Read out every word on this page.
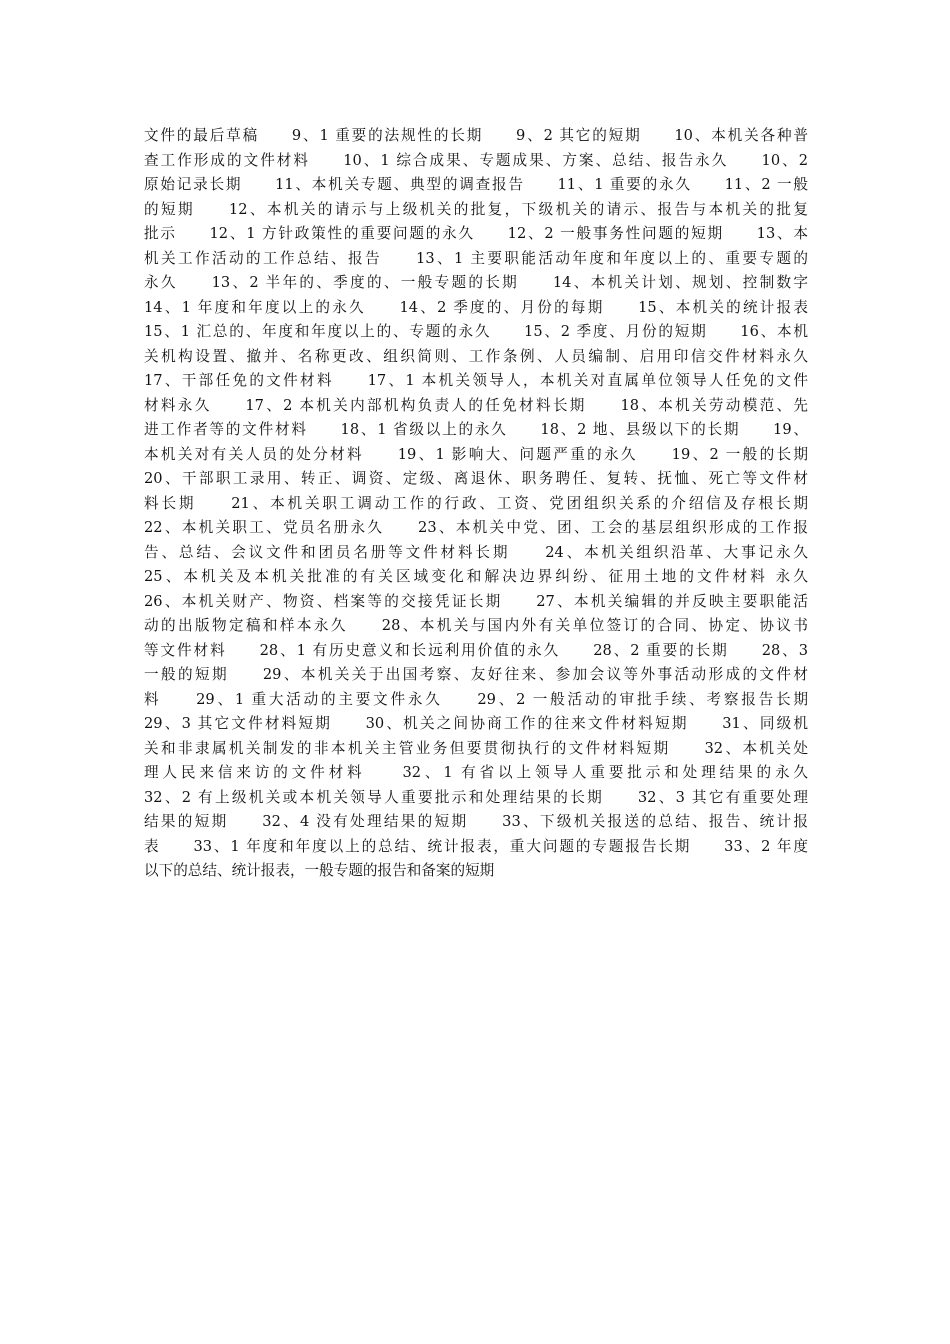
文件的最后草稿　　9、1 重要的法规性的长期　　9、2 其它的短期　　10、本机关各种普
查工作形成的文件材料　　10、1 综合成果、专题成果、方案、总结、报告永久　　10、2
原始记录长期　　11、本机关专题、典型的调查报告　　11、1 重要的永久　　11、2 一般
的短期　　12、本机关的请示与上级机关的批复，下级机关的请示、报告与本机关的批复
批示　　12、1 方针政策性的重要问题的永久　　12、2 一般事务性问题的短期　　13、本
机关工作活动的工作总结、报告　　13、1 主要职能活动年度和年度以上的、重要专题的
永久　　13、2 半年的、季度的、一般专题的长期　　14、本机关计划、规划、控制数字
14、1 年度和年度以上的永久　　14、2 季度的、月份的每期　　15、本机关的统计报表
15、1 汇总的、年度和年度以上的、专题的永久　　15、2 季度、月份的短期　　16、本机
关机构设置、撤并、名称更改、组织简则、工作条例、人员编制、启用印信交件材料永久
17、干部任免的文件材料　　17、1 本机关领导人，本机关对直属单位领导人任免的文件
材料永久　　17、2 本机关内部机构负责人的任免材料长期　　18、本机关劳动模范、先
进工作者等的文件材料　　18、1 省级以上的永久　　18、2 地、县级以下的长期　　19、
本机关对有关人员的处分材料　　19、1 影响大、问题严重的永久　　19、2 一般的长期
20、干部职工录用、转正、调资、定级、离退休、职务聘任、复转、抚恤、死亡等文件材
料长期　　21、本机关职工调动工作的行政、工资、党团组织关系的介绍信及存根长期
22、本机关职工、党员名册永久　　23、本机关中党、团、工会的基层组织形成的工作报
告、总结、会议文件和团员名册等文件材料长期　　24、本机关组织沿革、大事记永久
25、本机关及本机关批准的有关区域变化和解决边界纠纷、征用土地的文件材料 永久
26、本机关财产、物资、档案等的交接凭证长期　　27、本机关编辑的并反映主要职能活
动的出版物定稿和样本永久　　28、本机关与国内外有关单位签订的合同、协定、协议书
等文件材料　　28、1 有历史意义和长远利用价值的永久　　28、2 重要的长期　　28、3
一般的短期　　29、本机关关于出国考察、友好往来、参加会议等外事活动形成的文件材
料　　29、1 重大活动的主要文件永久　　29、2 一般活动的审批手续、考察报告长期
29、3 其它文件材料短期　　30、机关之间协商工作的往来文件材料短期　　31、同级机
关和非隶属机关制发的非本机关主管业务但要贯彻执行的文件材料短期　　32、本机关处
理人民来信来访的文件材料　　32、1 有省以上领导人重要批示和处理结果的永久
32、2 有上级机关或本机关领导人重要批示和处理结果的长期　　32、3 其它有重要处理
结果的短期　　32、4 没有处理结果的短期　　33、下级机关报送的总结、报告、统计报
表　　33、1 年度和年度以上的总结、统计报表，重大问题的专题报告长期　　33、2 年度
以下的总结、统计报表，一般专题的报告和备案的短期
